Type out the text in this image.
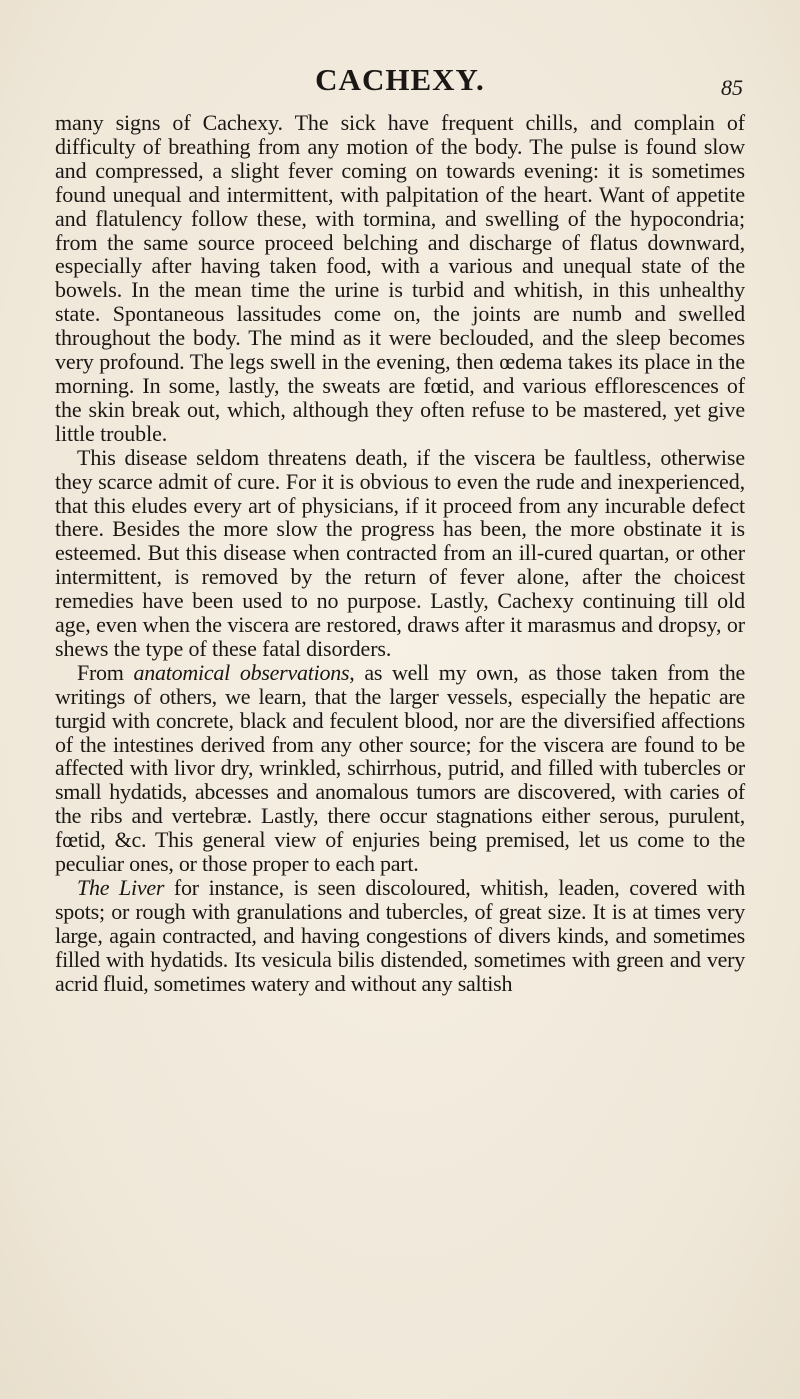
CACHEXY.	85

many signs of Cachexy. The sick have frequent chills, and complain of difficulty of breathing from any motion of the body. The pulse is found slow and compressed, a slight fever coming on towards evening: it is sometimes found unequal and intermittent, with palpitation of the heart. Want of appetite and flatulency follow these, with tormina, and swelling of the hypocondria; from the same source proceed belching and discharge of flatus downward, especially after having taken food, with a various and unequal state of the bowels. In the mean time the urine is turbid and whitish, in this unhealthy state. Spontaneous lassitudes come on, the joints are numb and swelled throughout the body. The mind as it were beclouded, and the sleep becomes very profound. The legs swell in the evening, then œdema takes its place in the morning. In some, lastly, the sweats are fœtid, and various efflorescences of the skin break out, which, although they often refuse to be mastered, yet give little trouble.

This disease seldom threatens death, if the viscera be faultless, otherwise they scarce admit of cure. For it is obvious to even the rude and inexperienced, that this eludes every art of physicians, if it proceed from any incurable defect there. Besides the more slow the progress has been, the more obstinate it is esteemed. But this disease when contracted from an ill-cured quartan, or other intermittent, is removed by the return of fever alone, after the choicest remedies have been used to no purpose. Lastly, Cachexy continuing till old age, even when the viscera are restored, draws after it marasmus and dropsy, or shews the type of these fatal disorders.

From anatomical observations, as well my own, as those taken from the writings of others, we learn, that the larger vessels, especially the hepatic are turgid with concrete, black and feculent blood, nor are the diversified affections of the intestines derived from any other source; for the viscera are found to be affected with livor dry, wrinkled, schirrhous, putrid, and filled with tubercles or small hydatids, abcesses and anomalous tumors are discovered, with caries of the ribs and vertebræ. Lastly, there occur stagnations either serous, purulent, fœtid, &c. This general view of enjuries being premised, let us come to the peculiar ones, or those proper to each part.

The Liver for instance, is seen discoloured, whitish, leaden, covered with spots; or rough with granulations and tubercles, of great size. It is at times very large, again contracted, and having congestions of divers kinds, and sometimes filled with hydatids. Its vesicula bilis distended, sometimes with green and very acrid fluid, sometimes watery and without any saltish
